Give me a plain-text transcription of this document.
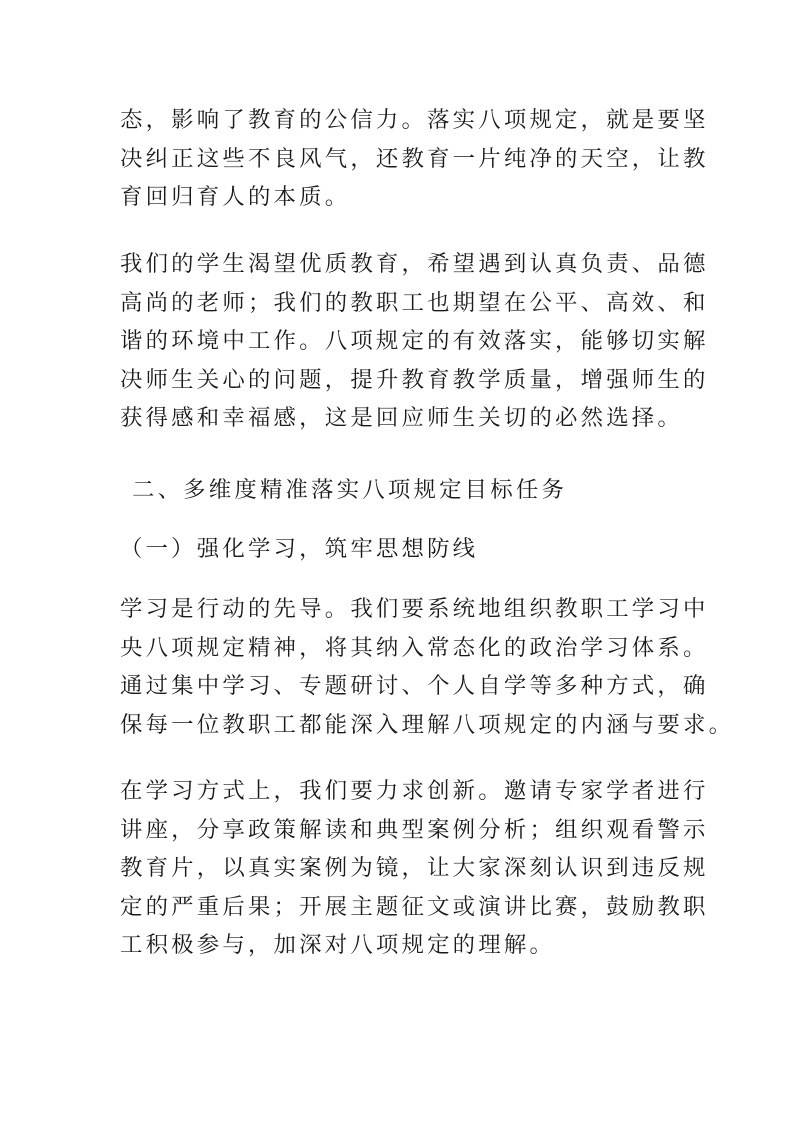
态，影响了教育的公信力。落实八项规定，就是要坚
决纠正这些不良风气，还教育一片纯净的天空，让教
育回归育人的本质。
我们的学生渴望优质教育，希望遇到认真负责、品德
高尚的老师；我们的教职工也期望在公平、高效、和
谐的环境中工作。八项规定的有效落实，能够切实解
决师生关心的问题，提升教育教学质量，增强师生的
获得感和幸福感，这是回应师生关切的必然选择。
二、多维度精准落实八项规定目标任务
（一）强化学习，筑牢思想防线
学习是行动的先导。我们要系统地组织教职工学习中
央八项规定精神，将其纳入常态化的政治学习体系。
通过集中学习、专题研讨、个人自学等多种方式，确
保每一位教职工都能深入理解八项规定的内涵与要求。
在学习方式上，我们要力求创新。邀请专家学者进行
讲座，分享政策解读和典型案例分析；组织观看警示
教育片，以真实案例为镜，让大家深刻认识到违反规
定的严重后果；开展主题征文或演讲比赛，鼓励教职
工积极参与，加深对八项规定的理解。
